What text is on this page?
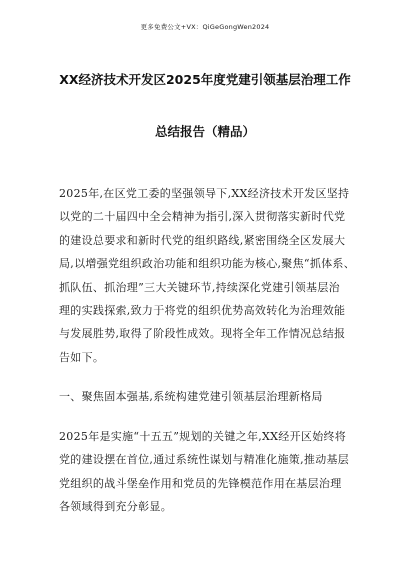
更多免费公文+VX：QiGeGongWen2024
XX经济技术开发区2025年度党建引领基层治理工作
总结报告（精品）
2025年,在区党工委的坚强领导下,XX经济技术开发区坚持
以党的二十届四中全会精神为指引,深入贯彻落实新时代党
的建设总要求和新时代党的组织路线,紧密围绕全区发展大
局,以增强党组织政治功能和组织功能为核心,聚焦“抓体系、
抓队伍、抓治理”三大关键环节,持续深化党建引领基层治
理的实践探索,致力于将党的组织优势高效转化为治理效能
与发展胜势,取得了阶段性成效。现将全年工作情况总结报
告如下。
一、聚焦固本强基,系统构建党建引领基层治理新格局
2025年是实施“十五五”规划的关键之年,XX经开区始终将
党的建设摆在首位,通过系统性谋划与精准化施策,推动基层
党组织的战斗堡垒作用和党员的先锋模范作用在基层治理
各领域得到充分彰显。
